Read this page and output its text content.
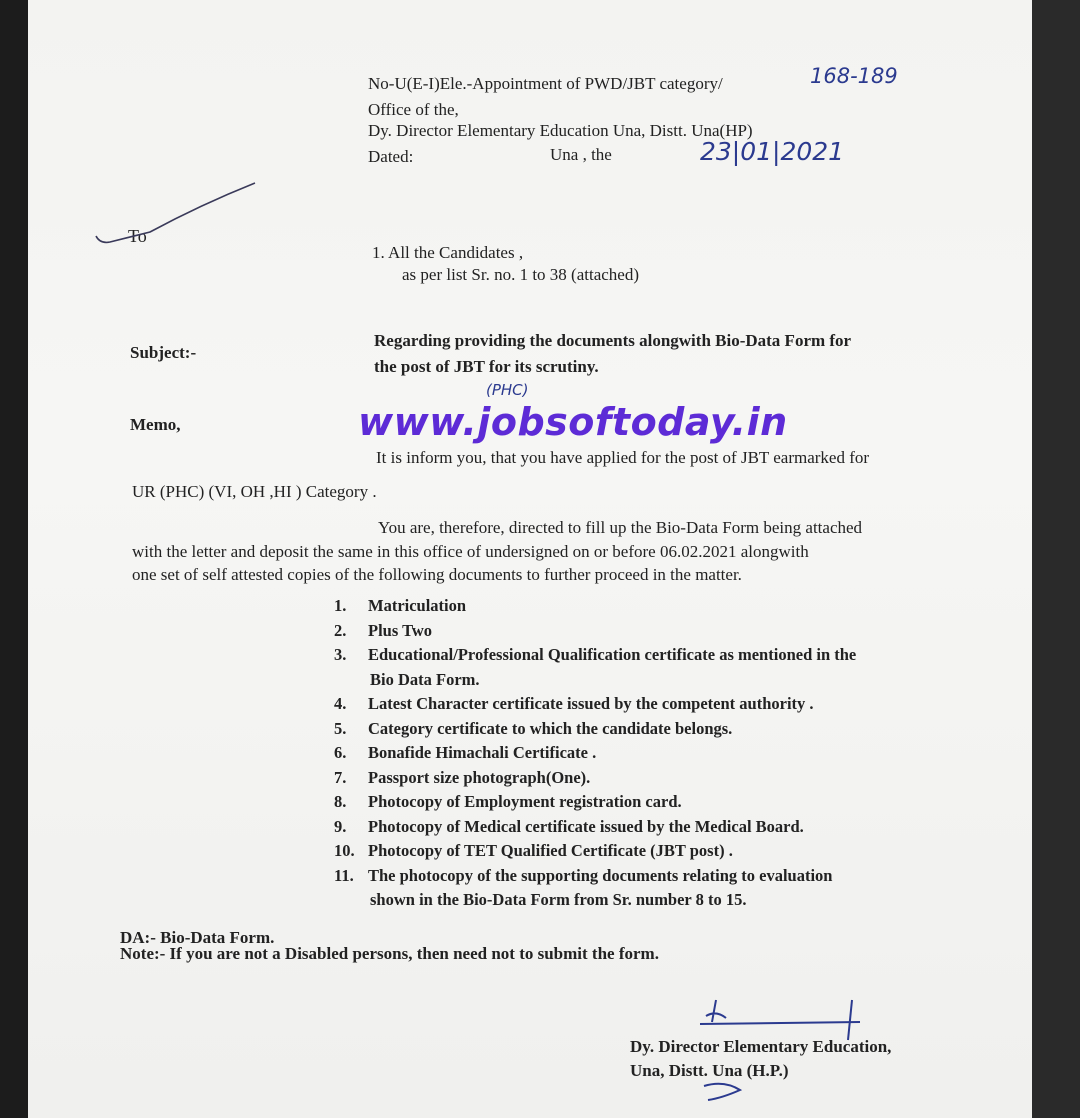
No-U(E-I)Ele.-Appointment of PWD/JBT category/	168-189
Office of the,
Dy. Director Elementary Education Una, Distt. Una(HP)
Dated:	Una , the	23|01|2021
To
1. All the Candidates ,
as per list Sr. no. 1 to 38 (attached)
Subject:-
Regarding providing the documents alongwith Bio-Data Form for
the post of JBT for its scrutiny.
(PHC)
Memo,	www.jobsoftoday.in
It is inform you, that you have applied for the post of JBT earmarked for
UR (PHC) (VI, OH ,HI ) Category .
You are, therefore, directed to fill up the Bio-Data Form being attached
with the letter and deposit the same in this office of undersigned on or before 06.02.2021 alongwith
one set of self attested copies of the following documents to further proceed in the matter.
1. Matriculation
2. Plus Two
3. Educational/Professional Qualification certificate as mentioned in the
Bio Data Form.
4. Latest Character certificate issued by the competent authority .
5. Category certificate to which the candidate belongs.
6. Bonafide Himachali Certificate .
7. Passport size photograph(One).
8. Photocopy of Employment registration card.
9. Photocopy of Medical certificate issued by the Medical Board.
10. Photocopy of TET Qualified Certificate (JBT post) .
11. The photocopy of the supporting documents relating to evaluation
shown in the Bio-Data Form from Sr. number 8 to 15.
DA:- Bio-Data Form.
Note:- If you are not a Disabled persons, then need not to submit the form.
Dy. Director Elementary Education,
Una, Distt. Una (H.P.)
